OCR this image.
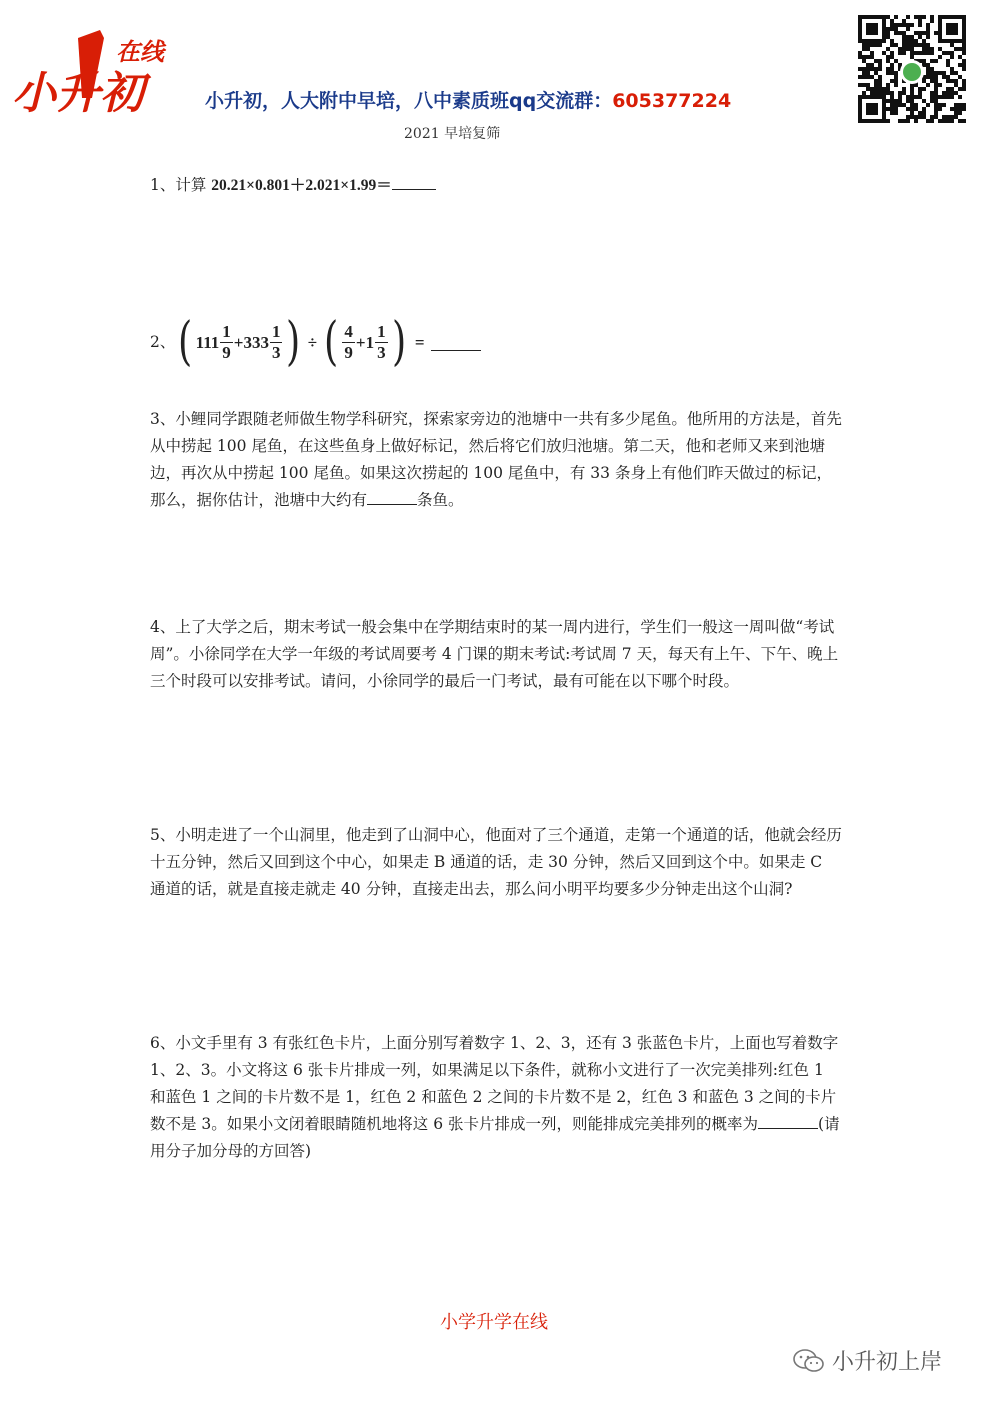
小升初
在线
小升初，人大附中早培，八中素质班qq交流群：605377224
2021 早培复筛
1、计算 20.21×0.801＋2.021×1.99＝
2、 ( $111 \frac{1}{9} +333 \frac{1}{3}$ ) ÷ ( $\frac{4}{9} +1 \frac{1}{3}$ ) =
3、小鲤同学跟随老师做生物学科研究，探索家旁边的池塘中一共有多少尾鱼。他所用的方法是，首先从中捞起 100 尾鱼，在这些鱼身上做好标记，然后将它们放归池塘。第二天，他和老师又来到池塘边，再次从中捞起 100 尾鱼。如果这次捞起的 100 尾鱼中，有 33 条身上有他们昨天做过的标记，那么，据你估计，池塘中大约有	条鱼。
4、上了大学之后，期末考试一般会集中在学期结束时的某一周内进行，学生们一般这一周叫做“考试周”。小徐同学在大学一年级的考试周要考 4 门课的期末考试:考试周 7 天，每天有上午、下午、晚上三个时段可以安排考试。请问，小徐同学的最后一门考试，最有可能在以下哪个时段。
5、小明走进了一个山洞里，他走到了山洞中心，他面对了三个通道，走第一个通道的话，他就会经历十五分钟，然后又回到这个中心，如果走 B 通道的话，走 30 分钟，然后又回到这个中。如果走 C 通道的话，就是直接走就走 40 分钟，直接走出去，那么问小明平均要多少分钟走出这个山洞?
6、小文手里有 3 有张红色卡片，上面分别写着数字 1、2、3，还有 3 张蓝色卡片，上面也写着数字 1、2、3。小文将这 6 张卡片排成一列，如果满足以下条件，就称小文进行了一次完美排列:红色 1 和蓝色 1 之间的卡片数不是 1，红色 2 和蓝色 2 之间的卡片数不是 2，红色 3 和蓝色 3 之间的卡片数不是 3。如果小文闭着眼睛随机地将这 6 张卡片排成一列，则能排成完美排列的概率为	(请用分子加分母的方回答)
小学升学在线
小升初上岸
